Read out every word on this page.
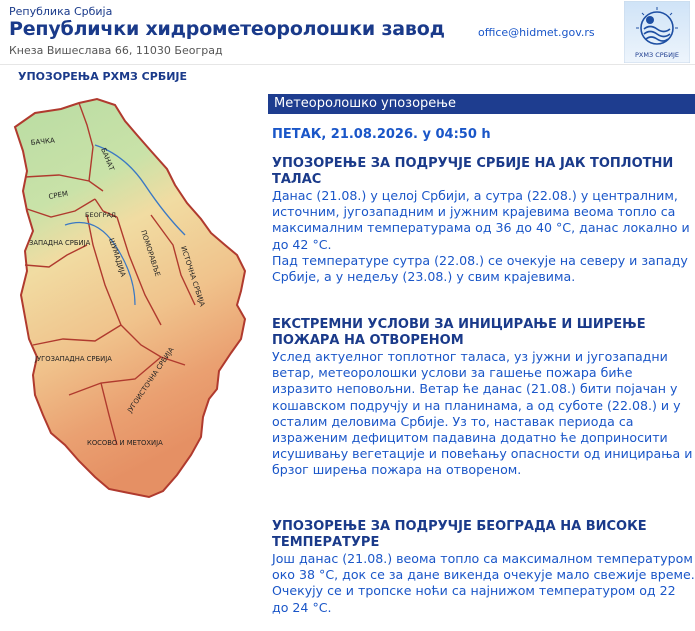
Република Србија
Републички хидрометеоролошки завод
Кнеза Вишеслава 66, 11030 Београд
office@hidmet.gov.rs
РХМЗ СРБИЈЕ
УПОЗОРЕЊА РХМЗ СРБИЈЕ
БАЧКА
БАНАТ
СРЕМ
БЕОГРАД
ЗАПАДНА СРБИЈА ШУМАДИЈА ПОМОРАВЉЕ ИСТОЧНА СРБИЈА
ЈУГОЗАПАДНА СРБИЈА ЈУГОИСТОЧНА СРБИЈА
КОСОВО И МЕТОХИЈА
Метеоролошко упозорење
ПЕТАК, 21.08.2026. у 04:50 h
УПОЗОРЕЊЕ ЗА ПОДРУЧЈЕ СРБИЈЕ НА ЈАК ТОПЛОТНИ ТАЛАС

Данас (21.08.) у целој Србији, а сутра (22.08.) у централним, источним, југозападним и јужним крајевима веома топло са максималним температурама од 36 до 40 °C, данас локално и до 42 °C.

Пад температуре сутра (22.08.) се очекује на северу и западу Србије, а у недељу (23.08.) у свим крајевима.

ЕКСТРЕМНИ УСЛОВИ ЗА ИНИЦИРАЊЕ И ШИРЕЊЕ ПОЖАРА НА ОТВОРЕНОМ

Услед актуелног топлотног таласа, уз јужни и југозападни ветар, метеоролошки услови за гашење пожара биће изразито неповољни. Ветар ће данас (21.08.) бити појачан у кошавском подручју и на планинама, а од суботе (22.08.) и у осталим деловима Србије. Уз то, наставак периода са израженим дефицитом падавина додатно ће доприносити исушивању вегетације и повећању опасности од иницирања и брзог ширења пожара на отвореном.

УПОЗОРЕЊЕ ЗА ПОДРУЧЈЕ БЕОГРАДА НА ВИСОКЕ ТЕМПЕРАТУРЕ

Још данас (21.08.) веома топло са максималном температуром око 38 °C, док се за дане викенда очекује мало свежије време. Очекују се и тропске ноћи са најнижом температуром од 22 до 24 °C.
